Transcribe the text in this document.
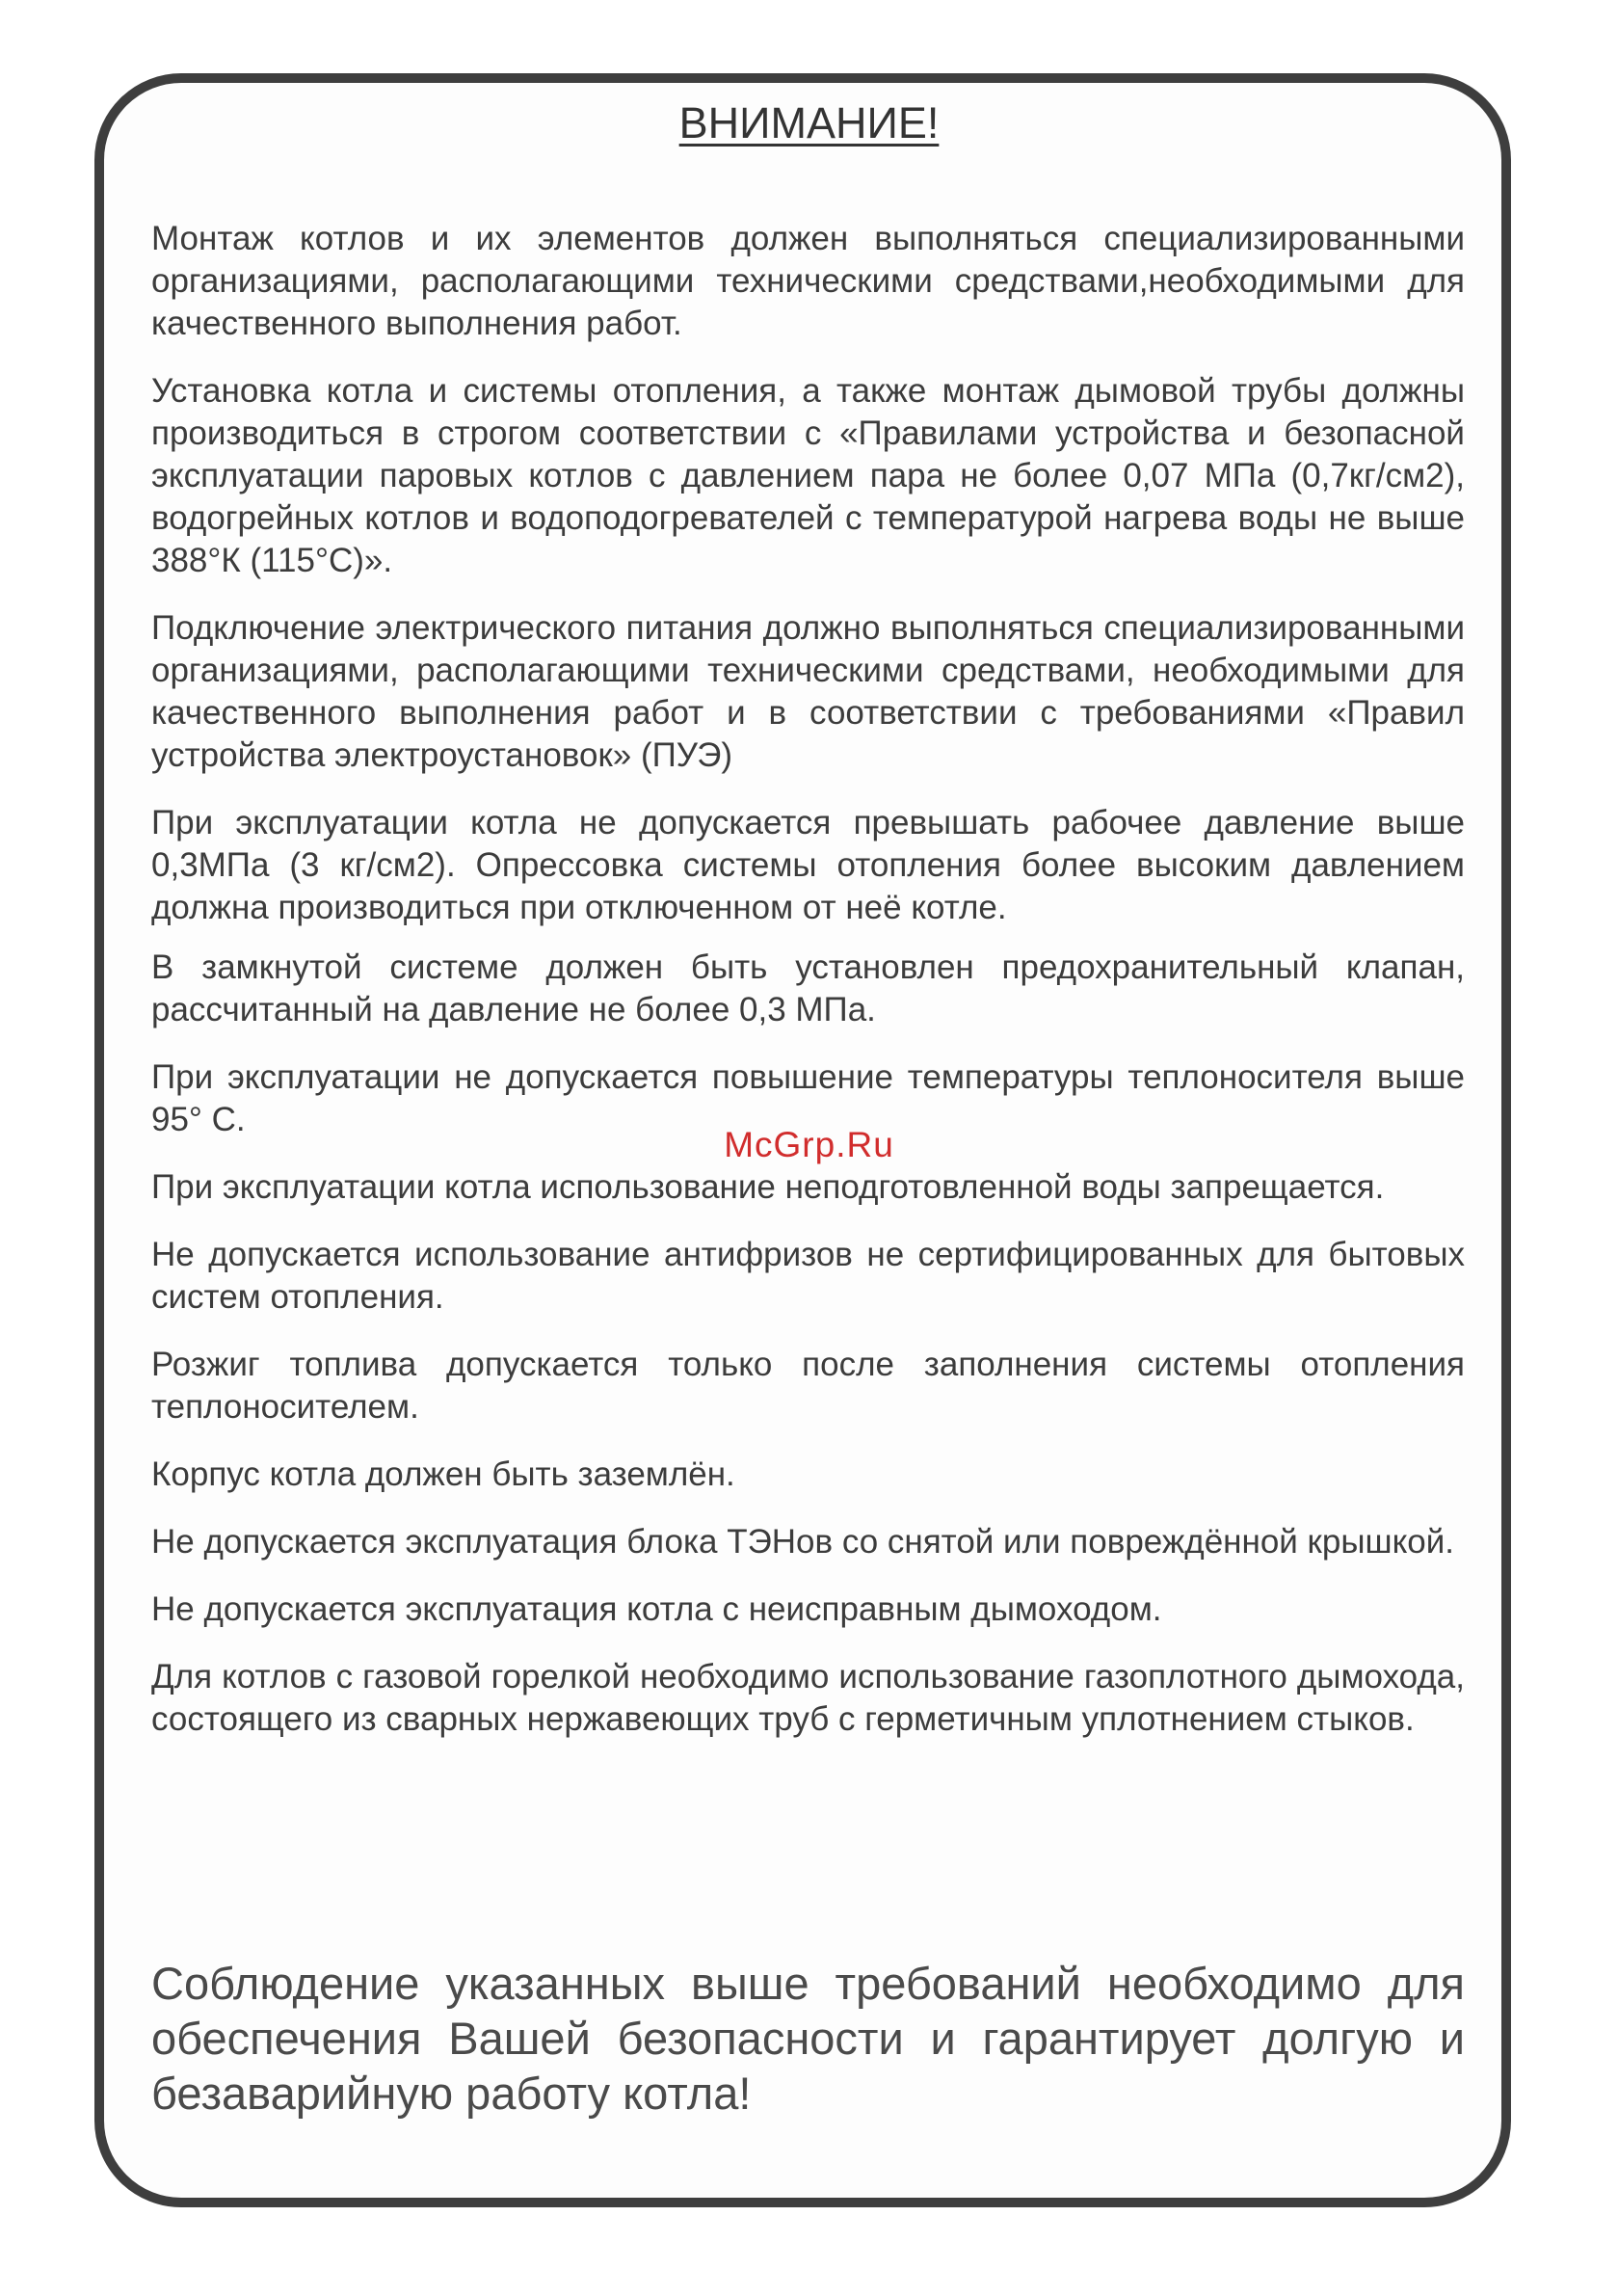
ВНИМАНИЕ!

Монтаж котлов и их элементов должен выполняться специализированными организациями, располагающими техническими средствами,необходимыми для качественного выполнения работ.

Установка котла и системы отопления, а также монтаж дымовой трубы должны производиться в строгом соответствии с «Правилами устройства и безопасной эксплуатации паровых котлов с давлением пара не более 0,07 МПа (0,7кг/см2), водогрейных котлов и водоподогревателей с температурой нагрева воды не выше 388°К (115°С)».

Подключение электрического питания должно выполняться специализированными организациями, располагающими техническими средствами, необходимыми для качественного выполнения работ и в соответствии с требованиями «Правил устройства электроустановок» (ПУЭ)

При эксплуатации котла не допускается превышать рабочее давление выше 0,3МПа (3 кг/см2). Опрессовка системы отопления более высоким давлением должна производиться при отключенном от неё котле.

В замкнутой системе должен быть установлен предохранительный клапан, рассчитанный на давление не более 0,3 МПа.

При эксплуатации не допускается повышение температуры теплоносителя выше 95° С.

При эксплуатации котла использование неподготовленной воды запрещается.

Не допускается использование антифризов не сертифицированных для бытовых систем отопления.

Розжиг топлива допускается только после заполнения системы отопления теплоносителем.

Корпус котла должен быть заземлён.

Не допускается эксплуатация блока ТЭНов со снятой или повреждённой крышкой.

Не допускается эксплуатация котла с неисправным дымоходом.

Для котлов с газовой горелкой необходимо использование газоплотного дымохода, состоящего из сварных нержавеющих труб с герметичным уплотнением стыков.

McGrp.Ru

Соблюдение указанных выше требований необходимо для обеспечения Вашей безопасности и гарантирует долгую и безаварийную работу котла!
